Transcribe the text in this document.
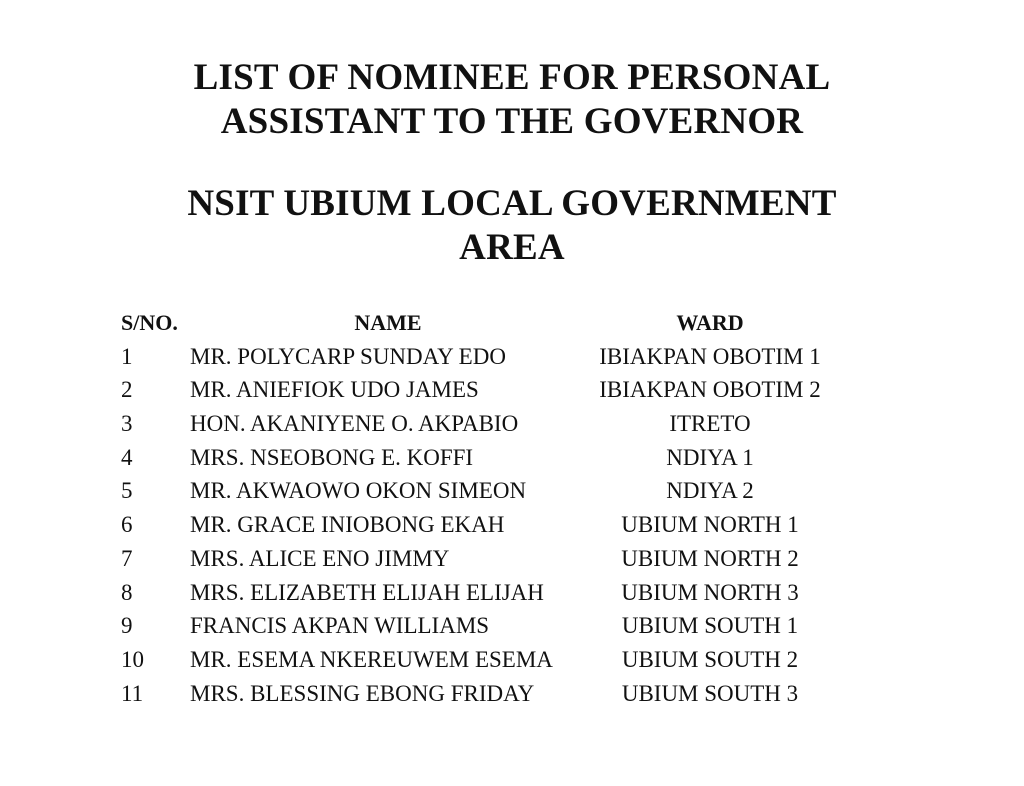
LIST OF NOMINEE FOR PERSONAL
ASSISTANT TO THE GOVERNOR
NSIT UBIUM LOCAL GOVERNMENT
AREA
S/NO.	NAME	WARD
1	MR. POLYCARP SUNDAY EDO	IBIAKPAN OBOTIM 1
2	MR. ANIEFIOK UDO JAMES	IBIAKPAN OBOTIM 2
3	HON. AKANIYENE O. AKPABIO	ITRETO
4	MRS. NSEOBONG E. KOFFI	NDIYA 1
5	MR. AKWAOWO OKON SIMEON	NDIYA 2
6	MR. GRACE INIOBONG EKAH	UBIUM NORTH 1
7	MRS. ALICE ENO JIMMY	UBIUM NORTH 2
8	MRS. ELIZABETH ELIJAH ELIJAH	UBIUM NORTH 3
9	FRANCIS AKPAN WILLIAMS	UBIUM SOUTH 1
10 MR. ESEMA NKEREUWEM ESEMA	UBIUM SOUTH 2
11 MRS. BLESSING EBONG FRIDAY	UBIUM SOUTH 3
